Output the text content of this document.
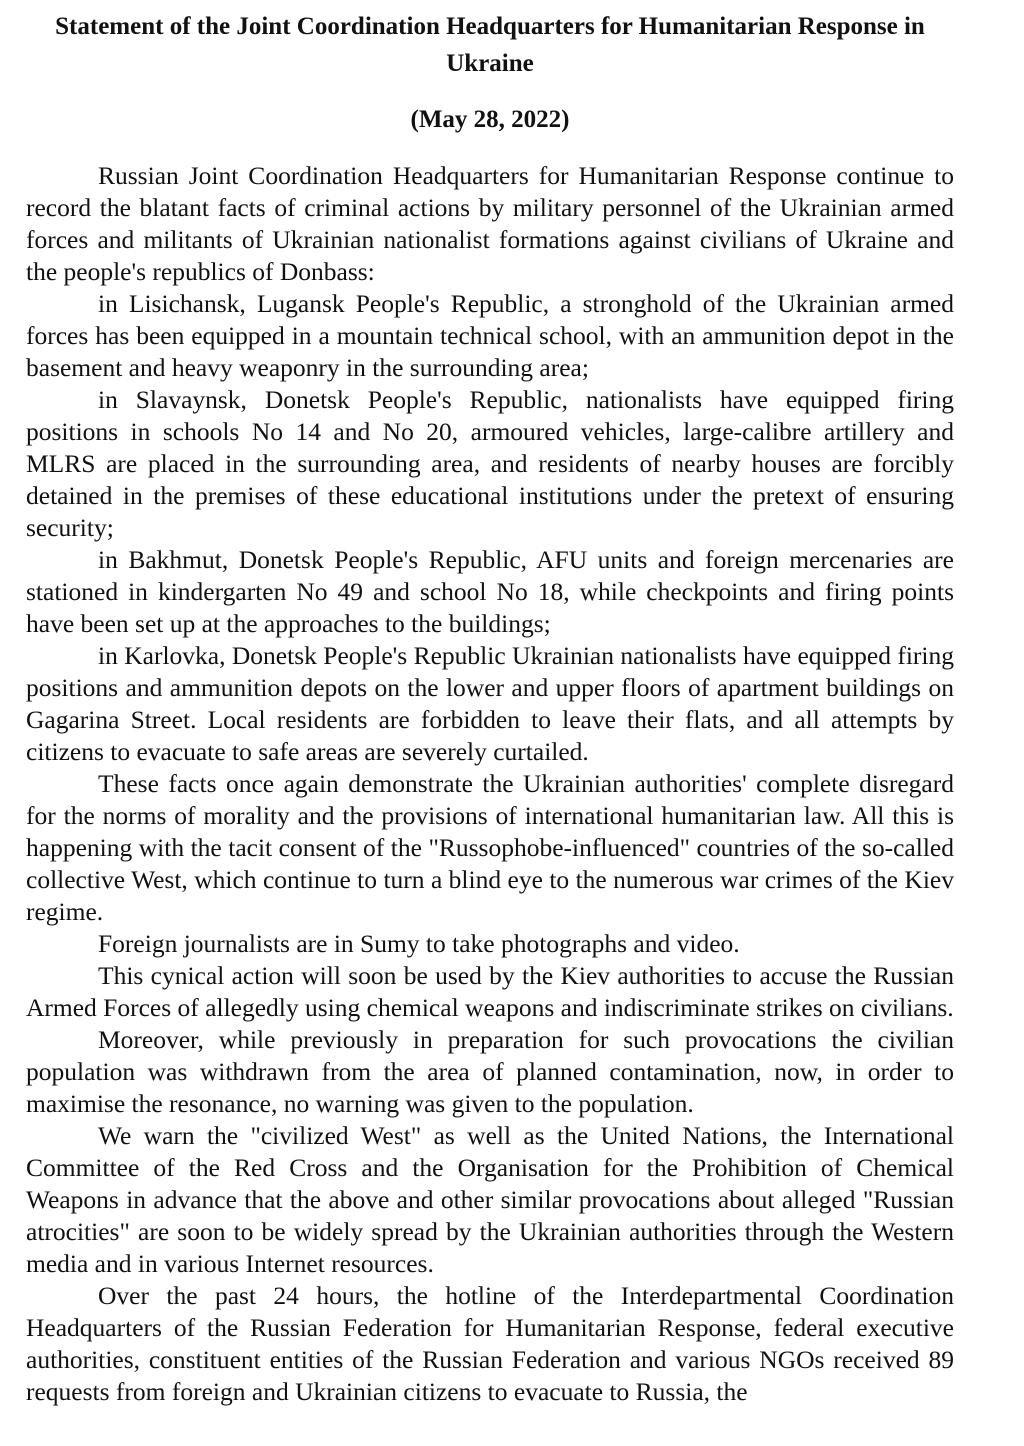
Statement of the Joint Coordination Headquarters for Humanitarian Response in Ukraine
(May 28, 2022)

Russian Joint Coordination Headquarters for Humanitarian Response continue to record the blatant facts of criminal actions by military personnel of the Ukrainian armed forces and militants of Ukrainian nationalist formations against civilians of Ukraine and the people's republics of Donbass:

in Lisichansk, Lugansk People's Republic, a stronghold of the Ukrainian armed forces has been equipped in a mountain technical school, with an ammunition depot in the basement and heavy weaponry in the surrounding area;

in Slavaynsk, Donetsk People's Republic, nationalists have equipped firing positions in schools No 14 and No 20, armoured vehicles, large-calibre artillery and MLRS are placed in the surrounding area, and residents of nearby houses are forcibly detained in the premises of these educational institutions under the pretext of ensuring security;

in Bakhmut, Donetsk People's Republic, AFU units and foreign mercenaries are stationed in kindergarten No 49 and school No 18, while checkpoints and firing points have been set up at the approaches to the buildings;

in Karlovka, Donetsk People's Republic Ukrainian nationalists have equipped firing positions and ammunition depots on the lower and upper floors of apartment buildings on Gagarina Street. Local residents are forbidden to leave their flats, and all attempts by citizens to evacuate to safe areas are severely curtailed.

These facts once again demonstrate the Ukrainian authorities' complete disregard for the norms of morality and the provisions of international humanitarian law. All this is happening with the tacit consent of the "Russophobe-influenced" countries of the so-called collective West, which continue to turn a blind eye to the numerous war crimes of the Kiev regime.

Foreign journalists are in Sumy to take photographs and video.

This cynical action will soon be used by the Kiev authorities to accuse the Russian Armed Forces of allegedly using chemical weapons and indiscriminate strikes on civilians.

Moreover, while previously in preparation for such provocations the civilian population was withdrawn from the area of planned contamination, now, in order to maximise the resonance, no warning was given to the population.

We warn the "civilized West" as well as the United Nations, the International Committee of the Red Cross and the Organisation for the Prohibition of Chemical Weapons in advance that the above and other similar provocations about alleged "Russian atrocities" are soon to be widely spread by the Ukrainian authorities through the Western media and in various Internet resources.

Over the past 24 hours, the hotline of the Interdepartmental Coordination Headquarters of the Russian Federation for Humanitarian Response, federal executive authorities, constituent entities of the Russian Federation and various NGOs received 89 requests from foreign and Ukrainian citizens to evacuate to Russia, the
